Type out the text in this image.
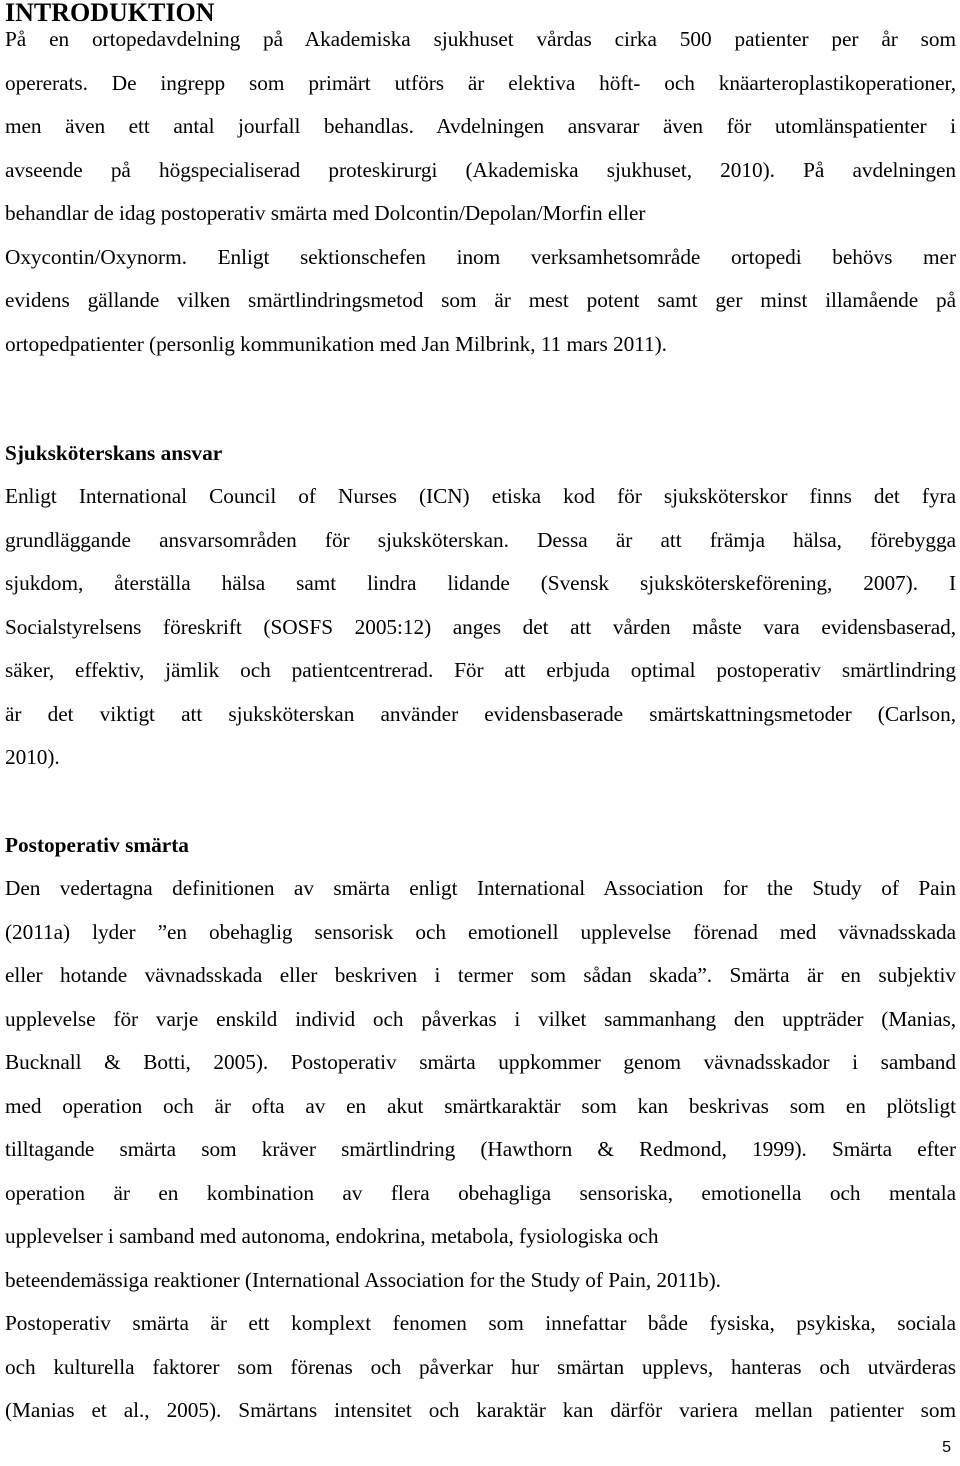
INTRODUKTION
På en ortopedavdelning på Akademiska sjukhuset vårdas cirka 500 patienter per år som
opererats. De ingrepp som primärt utförs är elektiva höft- och knäarteroplastikoperationer,
men även ett antal jourfall behandlas. Avdelningen ansvarar även för utomlänspatienter i
avseende på högspecialiserad proteskirurgi (Akademiska sjukhuset, 2010). På avdelningen
behandlar de idag postoperativ smärta med Dolcontin/Depolan/Morfin eller
Oxycontin/Oxynorm. Enligt sektionschefen inom verksamhetsområde ortopedi behövs mer
evidens gällande vilken smärtlindringsmetod som är mest potent samt ger minst illamående på
ortopedpatienter (personlig kommunikation med Jan Milbrink, 11 mars 2011).
Sjuksköterskans ansvar
Enligt International Council of Nurses (ICN) etiska kod för sjuksköterskor finns det fyra
grundläggande ansvarsområden för sjuksköterskan. Dessa är att främja hälsa, förebygga
sjukdom, återställa hälsa samt lindra lidande (Svensk sjuksköterskeförening, 2007). I
Socialstyrelsens föreskrift (SOSFS 2005:12) anges det att vården måste vara evidensbaserad,
säker, effektiv, jämlik och patientcentrerad. För att erbjuda optimal postoperativ smärtlindring
är det viktigt att sjuksköterskan använder evidensbaserade smärtskattningsmetoder (Carlson,
2010).
Postoperativ smärta
Den vedertagna definitionen av smärta enligt International Association for the Study of Pain
(2011a) lyder ”en obehaglig sensorisk och emotionell upplevelse förenad med vävnadsskada
eller hotande vävnadsskada eller beskriven i termer som sådan skada”. Smärta är en subjektiv
upplevelse för varje enskild individ och påverkas i vilket sammanhang den uppträder (Manias,
Bucknall & Botti, 2005). Postoperativ smärta uppkommer genom vävnadsskador i samband
med operation och är ofta av en akut smärtkaraktär som kan beskrivas som en plötsligt
tilltagande smärta som kräver smärtlindring (Hawthorn & Redmond, 1999). Smärta efter
operation är en kombination av flera obehagliga sensoriska, emotionella och mentala
upplevelser i samband med autonoma, endokrina, metabola, fysiologiska och
beteendemässiga reaktioner (International Association for the Study of Pain, 2011b).
Postoperativ smärta är ett komplext fenomen som innefattar både fysiska, psykiska, sociala
och kulturella faktorer som förenas och påverkar hur smärtan upplevs, hanteras och utvärderas
(Manias et al., 2005). Smärtans intensitet och karaktär kan därför variera mellan patienter som
5
